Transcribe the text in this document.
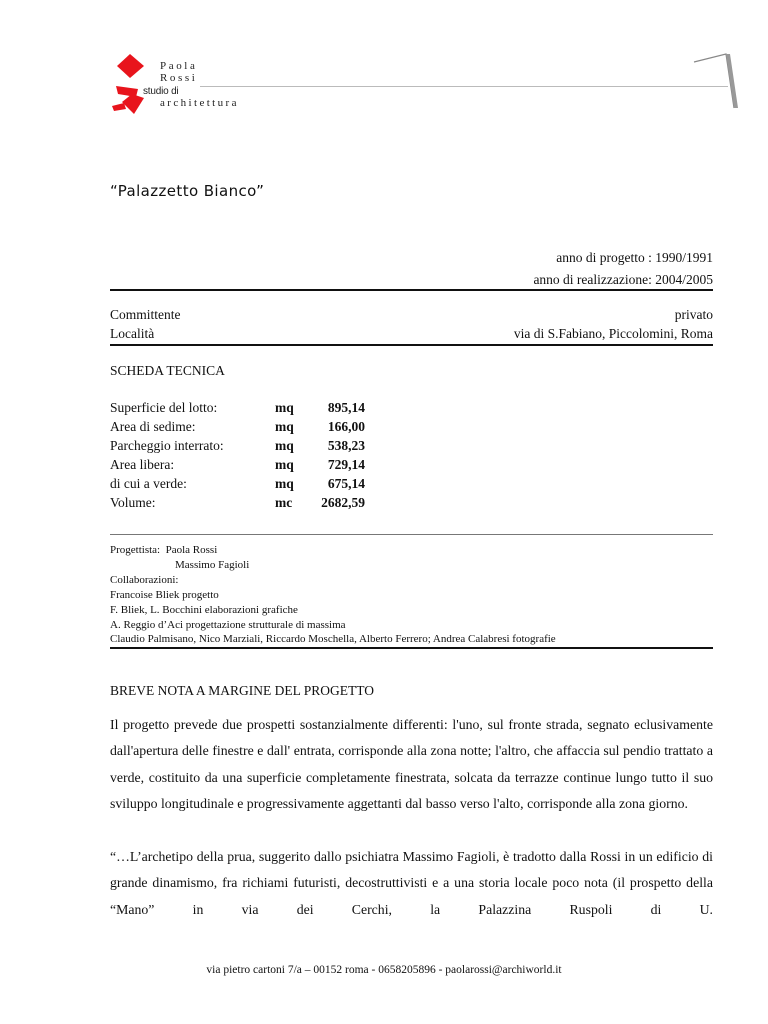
Paola
Rossi
studio di
architettura
“Palazzetto Bianco”
anno di progetto : 1990/1991
anno di realizzazione: 2004/2005
Committente	privato
Località	via di S.Fabiano, Piccolomini, Roma
SCHEDA TECNICA
Superficie del lotto:	mq	895,14
Area di sedime:	mq	166,00
Parcheggio interrato:	mq	538,23
Area libera:	mq	729,14
di cui a verde:	mq	675,14
Volume:	mc	2682,59
Progettista: Paola Rossi
Massimo Fagioli
Collaborazioni:
Francoise Bliek progetto
F. Bliek, L. Bocchini elaborazioni grafiche
A. Reggio d’Aci progettazione strutturale di massima
Claudio Palmisano, Nico Marziali, Riccardo Moschella, Alberto Ferrero; Andrea Calabresi fotografie
BREVE NOTA A MARGINE DEL PROGETTO

Il progetto prevede due prospetti sostanzialmente differenti: l'uno, sul fronte strada, segnato eclusivamente dall'apertura delle finestre e dall' entrata, corrisponde alla zona notte; l'altro, che affaccia sul pendio trattato a verde, costituito da una superficie completamente finestrata, solcata da terrazze continue lungo tutto il suo sviluppo longitudinale e progressivamente aggettanti dal basso verso l'alto, corrisponde alla zona giorno.

“…L’archetipo della prua, suggerito dallo psichiatra Massimo Fagioli, è tradotto dalla Rossi in un edificio di grande dinamismo, fra richiami futuristi, decostruttivisti e a una storia locale poco nota (il prospetto della “Mano” in via dei Cerchi, la Palazzina Ruspoli di U.

via pietro cartoni 7/a – 00152 roma - 0658205896 - paolarossi@archiworld.it
